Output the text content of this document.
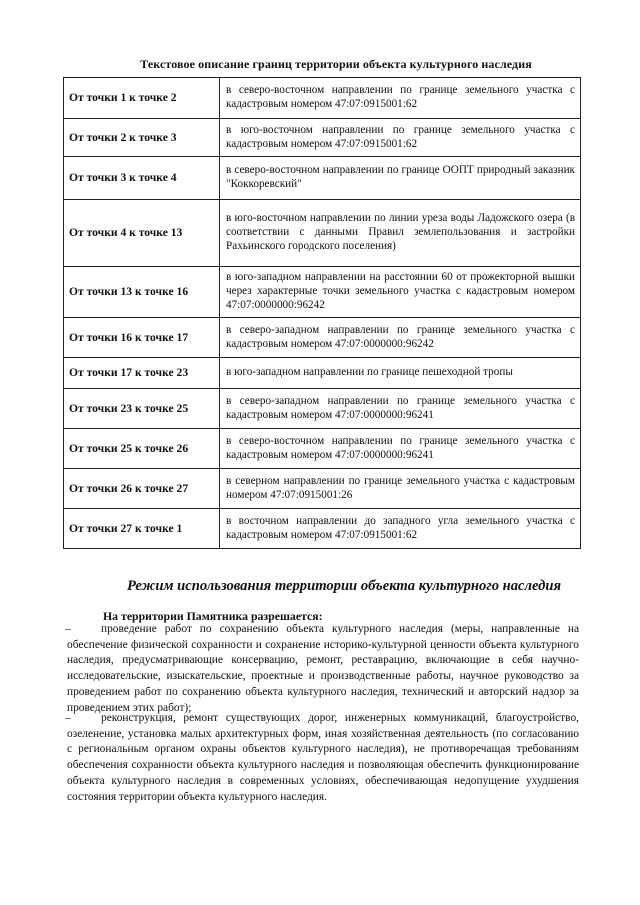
Текстовое описание границ территории объекта культурного наследия
От точки 1 к точке 2	в северо-восточном направлении по границе земельного участка с кадастровым номером 47:07:0915001:62
От точки 2 к точке 3	в юго-восточном направлении по границе земельного участка с кадастровым номером 47:07:0915001:62
От точки 3 к точке 4	в северо-восточном направлении по границе ООПТ природный заказник "Коккоревский"
От точки 4 к точке 13	в юго-восточном направлении по линии уреза воды Ладожского озера (в соответствии с данными Правил землепользования и застройки Рахьинского городского поселения)
От точки 13 к точке 16	в юго-западном направлении на расстоянии 60 от прожекторной вышки через характерные точки земельного участка с кадастровым номером 47:07:0000000:96242
От точки 16 к точке 17	в северо-западном направлении по границе земельного участка с кадастровым номером 47:07:0000000:96242
От точки 17 к точке 23	в юго-западном направлении по границе пешеходной тропы
От точки 23 к точке 25	в северо-западном направлении по границе земельного участка с кадастровым номером 47:07:0000000:96241
От точки 25 к точке 26	в северо-восточном направлении по границе земельного участка с кадастровым номером 47:07:0000000:96241
От точки 26 к точке 27	в северном направлении по границе земельного участка с кадастровым номером 47:07:0915001:26
От точки 27 к точке 1	в восточном направлении до западного угла земельного участка с кадастровым номером 47:07:0915001:62
Режим использования территории объекта культурного наследия
На территории Памятника разрешается:
–	проведение работ по сохранению объекта культурного наследия (меры, направленные на обеспечение физической сохранности и сохранение историко-культурной ценности объекта культурного наследия, предусматривающие консервацию, ремонт, реставрацию, включающие в себя научно-исследовательские, изыскательские, проектные и производственные работы, научное руководство за проведением работ по сохранению объекта культурного наследия, технический и авторский надзор за проведением этих работ);
–	реконструкция, ремонт существующих дорог, инженерных коммуникаций, благоустройство, озеленение, установка малых архитектурных форм, иная хозяйственная деятельность (по согласованию с региональным органом охраны объектов культурного наследия), не противоречащая требованиям обеспечения сохранности объекта культурного наследия и позволяющая обеспечить функционирование объекта культурного наследия в современных условиях, обеспечивающая недопущение ухудшения состояния территории объекта культурного наследия.
